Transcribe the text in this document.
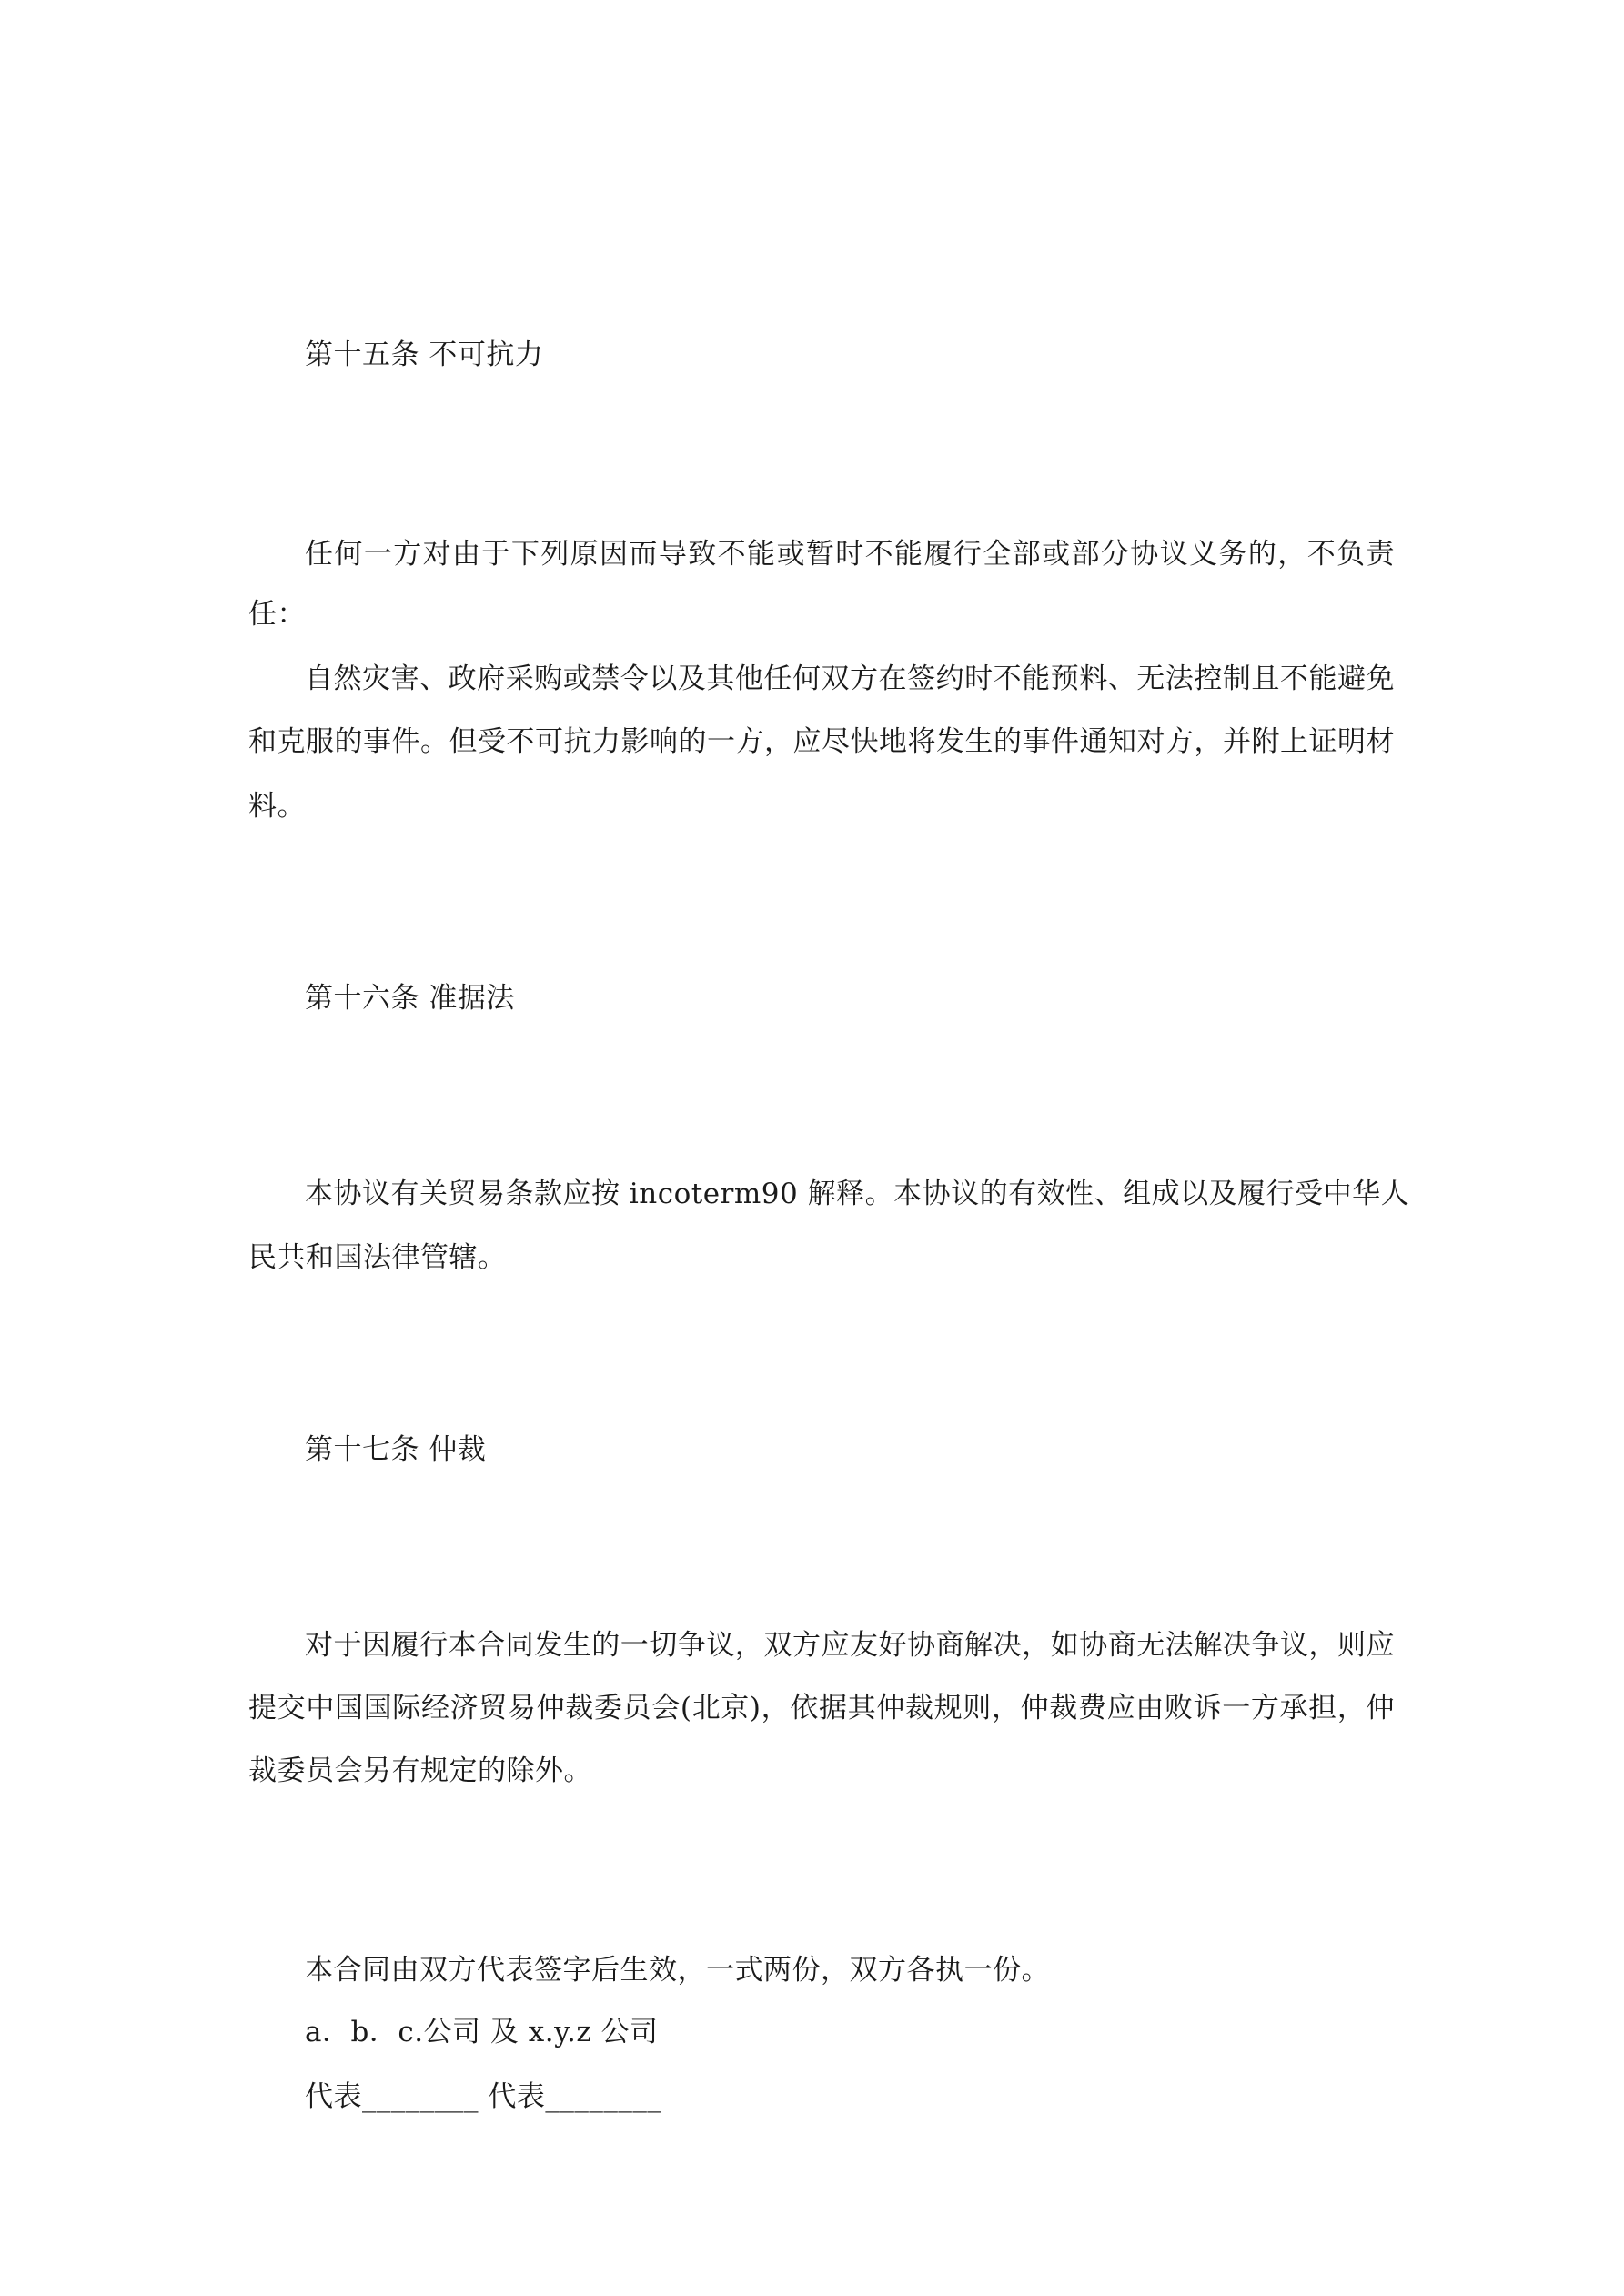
第十五条 不可抗力
任何一方对由于下列原因而导致不能或暂时不能履行全部或部分协议义务的，不负责
任：
自然灾害、政府采购或禁令以及其他任何双方在签约时不能预料、无法控制且不能避免
和克服的事件。但受不可抗力影响的一方，应尽快地将发生的事件通知对方，并附上证明材
料。
第十六条 准据法
本协议有关贸易条款应按 incoterm90 解释。本协议的有效性、组成以及履行受中华人
民共和国法律管辖。
第十七条 仲裁
对于因履行本合同发生的一切争议，双方应友好协商解决，如协商无法解决争议，则应
提交中国国际经济贸易仲裁委员会(北京)，依据其仲裁规则，仲裁费应由败诉一方承担，仲
裁委员会另有规定的除外。
本合同由双方代表签字后生效，一式两份，双方各执一份。
a．b．c.公司 及 x.y.z 公司
代表________ 代表________
